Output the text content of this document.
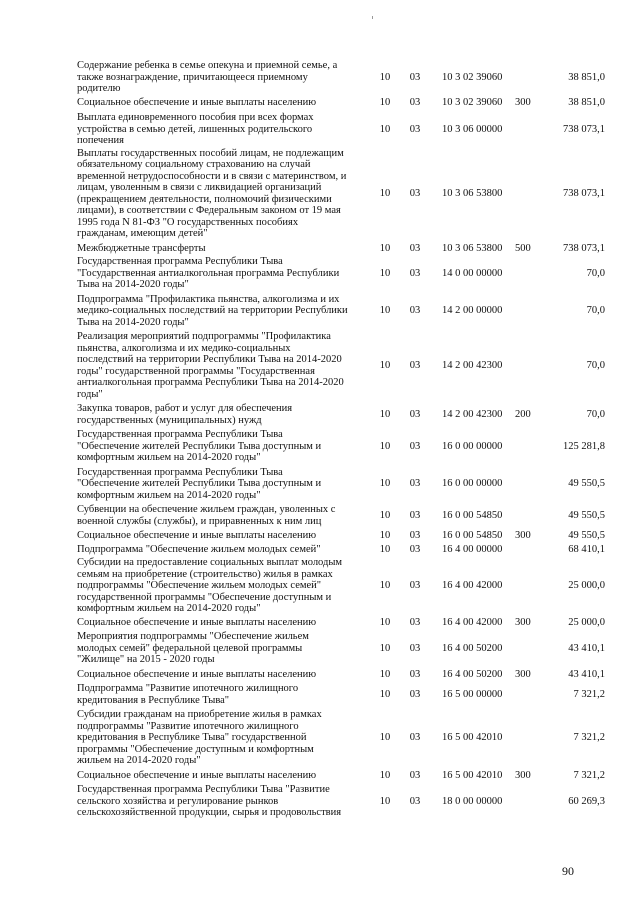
Содержание ребенка в семье опекуна и приемной семье, а
также вознаграждение, причитающееся приемному
родителю
10	03	10 3 02 39060	38 851,0
Социальное обеспечение и иные выплаты населению	10	03	10 3 02 39060	300	38 851,0
Выплата единовременного пособия при всех формах
устройства в семью детей, лишенных родительского
попечения
10	03	10 3 06 00000	738 073,1
Выплаты государственных пособий лицам, не подлежащим
обязательному социальному страхованию на случай
временной нетрудоспособности и в связи с материнством, и
лицам, уволенным в связи с ликвидацией организаций
(прекращением деятельности, полномочий физическими
лицами), в соответствии с Федеральным законом от 19 мая
1995 года N 81-ФЗ "О государственных пособиях
гражданам, имеющим детей"
10	03	10 3 06 53800	738 073,1
Межбюджетные трансферты	10	03	10 3 06 53800	500	738 073,1
Государственная программа Республики Тыва
"Государственная антиалкогольная программа Республики
Тыва на 2014-2020 годы"
10	03	14 0 00 00000	70,0
Подпрограмма "Профилактика пьянства, алкоголизма и их
медико-социальных последствий на территории Республики
Тыва на 2014-2020 годы"
10	03	14 2 00 00000	70,0
Реализация мероприятий подпрограммы "Профилактика
пьянства, алкоголизма и их медико-социальных
последствий на территории Республики Тыва на 2014-2020
годы" государственной программы "Государственная
антиалкогольная программа Республики Тыва на 2014-2020
годы"
10	03	14 2 00 42300	70,0
Закупка товаров, работ и услуг для обеспечения
государственных (муниципальных) нужд
10	03	14 2 00 42300	200	70,0
Государственная программа Республики Тыва
"Обеспечение жителей Республики Тыва доступным и
комфортным жильем на 2014-2020 годы"
10	03	16 0 00 00000	125 281,8
Государственная программа Республики Тыва
"Обеспечение жителей Республики Тыва доступным и
комфортным жильем на 2014-2020 годы"
10	03	16 0 00 00000	49 550,5
Субвенции на обеспечение жильем граждан, уволенных с
военной службы (службы), и приравненных к ним лиц
10	03	16 0 00 54850	49 550,5
Социальное обеспечение и иные выплаты населению	10	03	16 0 00 54850	300	49 550,5
Подпрограмма "Обеспечение жильем молодых семей"	10	03	16 4 00 00000	68 410,1
Субсидии на предоставление социальных выплат молодым
семьям на приобретение (строительство) жилья в рамках
подпрограммы "Обеспечение жильем молодых семей"
государственной программы "Обеспечение доступным и
комфортным жильем на 2014-2020 годы"
10	03	16 4 00 42000	25 000,0
Социальное обеспечение и иные выплаты населению	10	03	16 4 00 42000	300	25 000,0
Мероприятия подпрограммы "Обеспечение жильем
молодых семей" федеральной целевой программы
"Жилище" на 2015 - 2020 годы
10	03	16 4 00 50200	43 410,1
Социальное обеспечение и иные выплаты населению	10	03	16 4 00 50200	300	43 410,1
Подпрограмма "Развитие ипотечного жилищного
кредитования в Республике Тыва"
10	03	16 5 00 00000	7 321,2
Субсидии гражданам на приобретение жилья в рамках
подпрограммы "Развитие ипотечного жилищного
кредитования в Республике Тыва" государственной
программы "Обеспечение доступным и комфортным
жильем на 2014-2020 годы"
10	03	16 5 00 42010	7 321,2
Социальное обеспечение и иные выплаты населению	10	03	16 5 00 42010	300	7 321,2
Государственная программа Республики Тыва "Развитие
сельского хозяйства и регулирование рынков
сельскохозяйственной продукции, сырья и продовольствия
10	03	18 0 00 00000	60 269,3
90
